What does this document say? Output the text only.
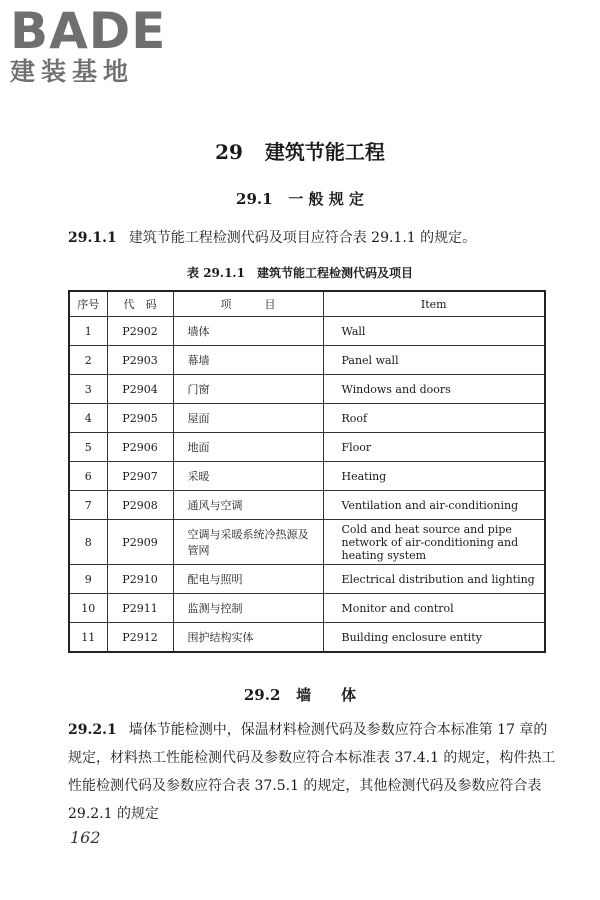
BADE
建装基地
29 建筑节能工程
29.1 一 般 规 定
29.1.1 建筑节能工程检测代码及项目应符合表 29.1.1 的规定。
表 29.1.1　建筑节能工程检测代码及项目
序号	代　码	项　　　目	Item
1	P2902	墙体	Wall
2	P2903	幕墙	Panel wall
3	P2904	门窗	Windows and doors
4	P2905	屋面	Roof
5	P2906	地面	Floor
6	P2907	采暖	Heating
7	P2908	通风与空调	Ventilation and air-conditioning
8	P2909	空调与采暖系统冷热源及管网	Cold and heat source and pipe network of air-conditioning and heating system
9	P2910	配电与照明	Electrical distribution and lighting
10	P2911	监测与控制	Monitor and control
11	P2912	围护结构实体	Building enclosure entity
29.2 墙　　体
29.2.1 墙体节能检测中，保温材料检测代码及参数应符合本标准第 17 章的规定，材料热工性能检测代码及参数应符合本标准表 37.4.1 的规定，构件热工性能检测代码及参数应符合表 37.5.1 的规定，其他检测代码及参数应符合表 29.2.1 的规定
162
